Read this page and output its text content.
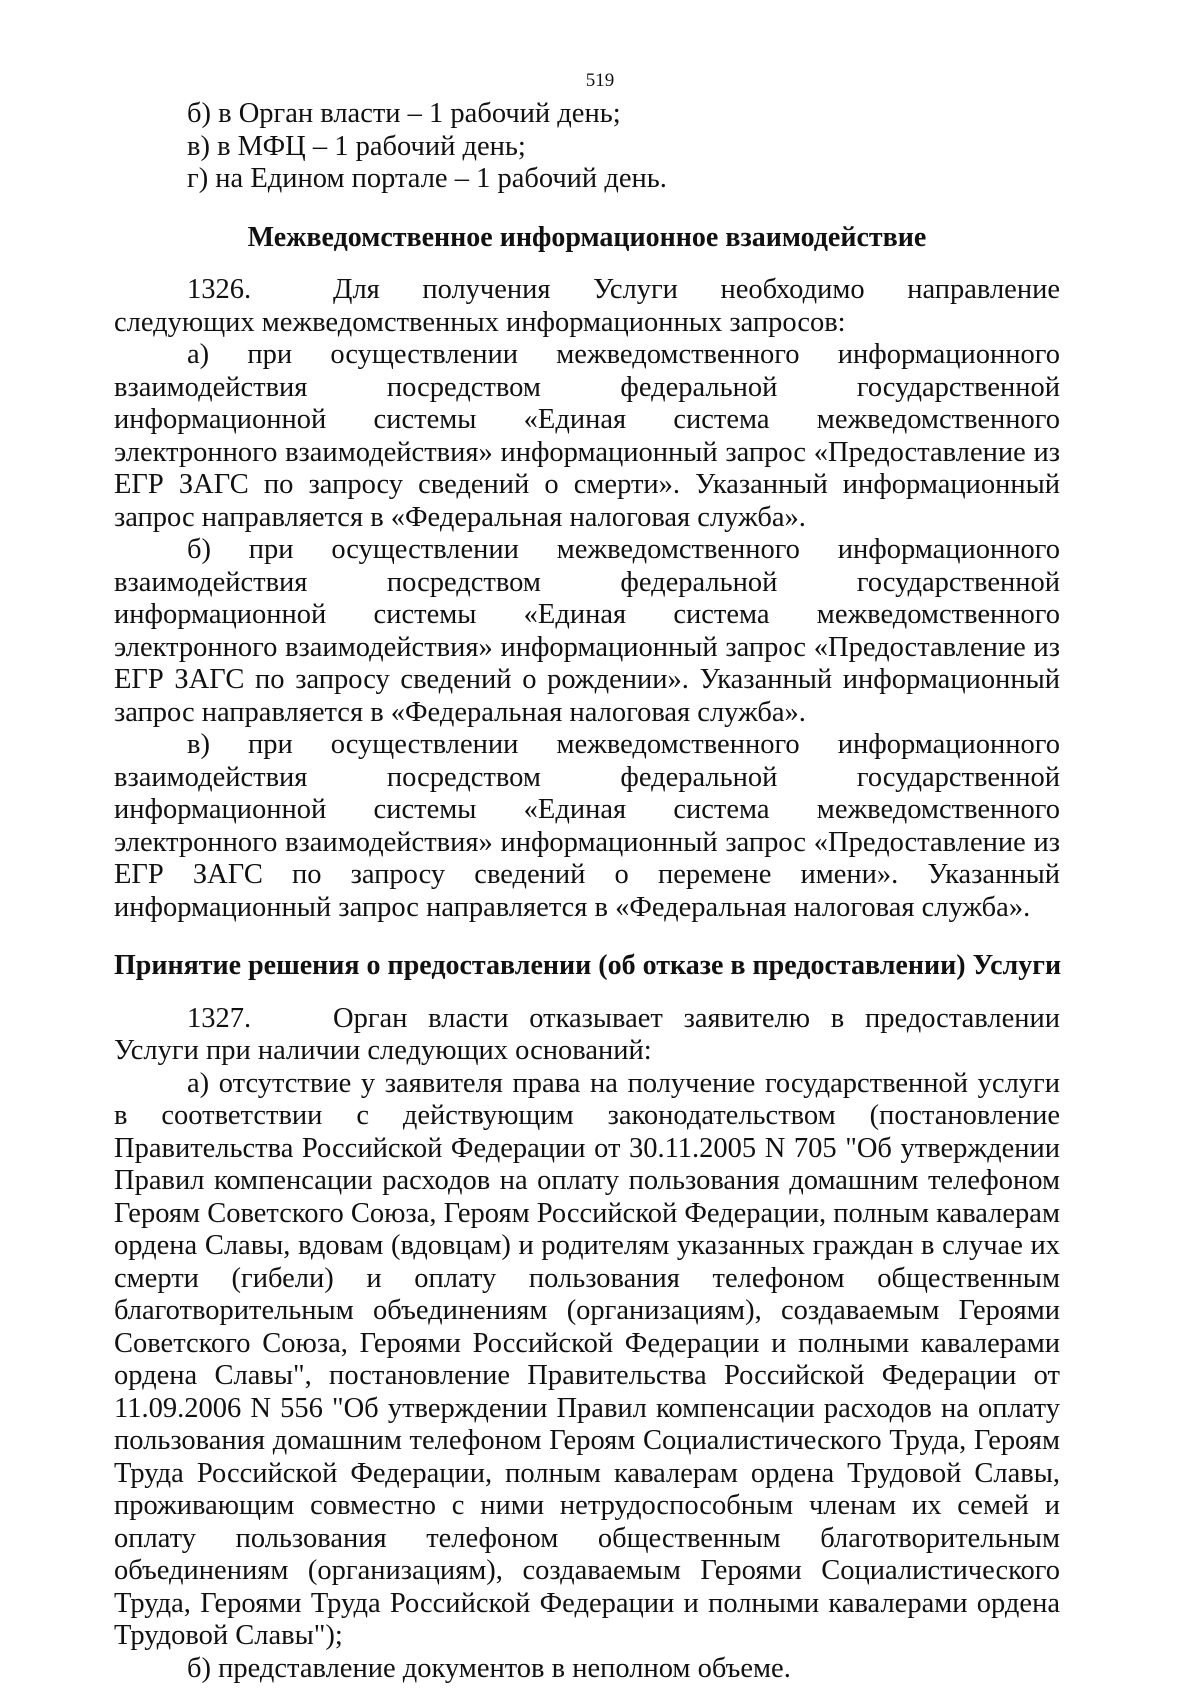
519
б) в Орган власти – 1 рабочий день;
в) в МФЦ – 1 рабочий день;
г) на Едином портале – 1 рабочий день.
Межведомственное информационное взаимодействие
1326.	Для получения Услуги необходимо направление следующих межведомственных информационных запросов:
а) при осуществлении межведомственного информационного взаимодействия посредством федеральной государственной информационной системы «Единая система межведомственного электронного взаимодействия» информационный запрос «Предоставление из ЕГР ЗАГС по запросу сведений о смерти». Указанный информационный запрос направляется в «Федеральная налоговая служба».
б) при осуществлении межведомственного информационного взаимодействия посредством федеральной государственной информационной системы «Единая система межведомственного электронного взаимодействия» информационный запрос «Предоставление из ЕГР ЗАГС по запросу сведений о рождении». Указанный информационный запрос направляется в «Федеральная налоговая служба».
в) при осуществлении межведомственного информационного взаимодействия посредством федеральной государственной информационной системы «Единая система межведомственного электронного взаимодействия» информационный запрос «Предоставление из ЕГР ЗАГС по запросу сведений о перемене имени». Указанный информационный запрос направляется в «Федеральная налоговая служба».
Принятие решения о предоставлении (об отказе в предоставлении) Услуги
1327.	Орган власти отказывает заявителю в предоставлении Услуги при наличии следующих оснований:
а) отсутствие у заявителя права на получение государственной услуги в соответствии с действующим законодательством (постановление Правительства Российской Федерации от 30.11.2005 N 705 "Об утверждении Правил компенсации расходов на оплату пользования домашним телефоном Героям Советского Союза, Героям Российской Федерации, полным кавалерам ордена Славы, вдовам (вдовцам) и родителям указанных граждан в случае их смерти (гибели) и оплату пользования телефоном общественным благотворительным объединениям (организациям), создаваемым Героями Советского Союза, Героями Российской Федерации и полными кавалерами ордена Славы", постановление Правительства Российской Федерации от 11.09.2006 N 556 "Об утверждении Правил компенсации расходов на оплату пользования домашним телефоном Героям Социалистического Труда, Героям Труда Российской Федерации, полным кавалерам ордена Трудовой Славы, проживающим совместно с ними нетрудоспособным членам их семей и оплату пользования телефоном общественным благотворительным объединениям (организациям), создаваемым Героями Социалистического Труда, Героями Труда Российской Федерации и полными кавалерами ордена Трудовой Славы");
б) представление документов в неполном объеме.
